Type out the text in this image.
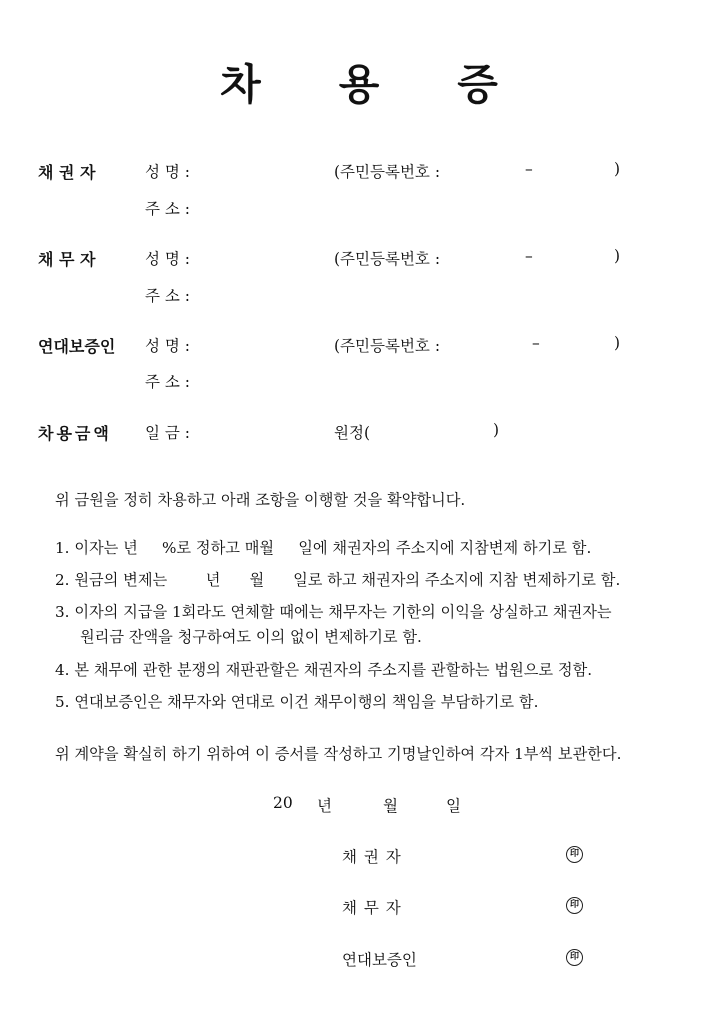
차 용 증
채 권 자	성 명 :	(주민등록번호 :	–	)
주 소 :
채 무 자	성 명 :	(주민등록번호 :	–	)
주 소 :
연대보증인 성 명 :	(주민등록번호 :	–	)
주 소 :
차용금액 일 금 :	원정(	)
위 금원을 정히 차용하고 아래 조항을 이행할 것을 확약합니다.
1. 이자는 년     %로 정하고 매월     일에 채권자의 주소지에 지참변제 하기로 함.
2. 원금의 변제는        년      월      일로 하고 채권자의 주소지에 지참 변제하기로 함.
3. 이자의 지급을 1회라도 연체할 때에는 채무자는 기한의 이익을 상실하고 채권자는
원리금 잔액을 청구하여도 이의 없이 변제하기로 함.
4. 본 채무에 관한 분쟁의 재판관할은 채권자의 주소지를 관할하는 법원으로 정함.
5. 연대보증인은 채무자와 연대로 이건 채무이행의 책임을 부담하기로 함.
위 계약을 확실히 하기 위하여 이 증서를 작성하고 기명날인하여 각자 1부씩 보관한다.
20 년	월	일
채 권 자	印
채 무 자	印
연대보증인	印
